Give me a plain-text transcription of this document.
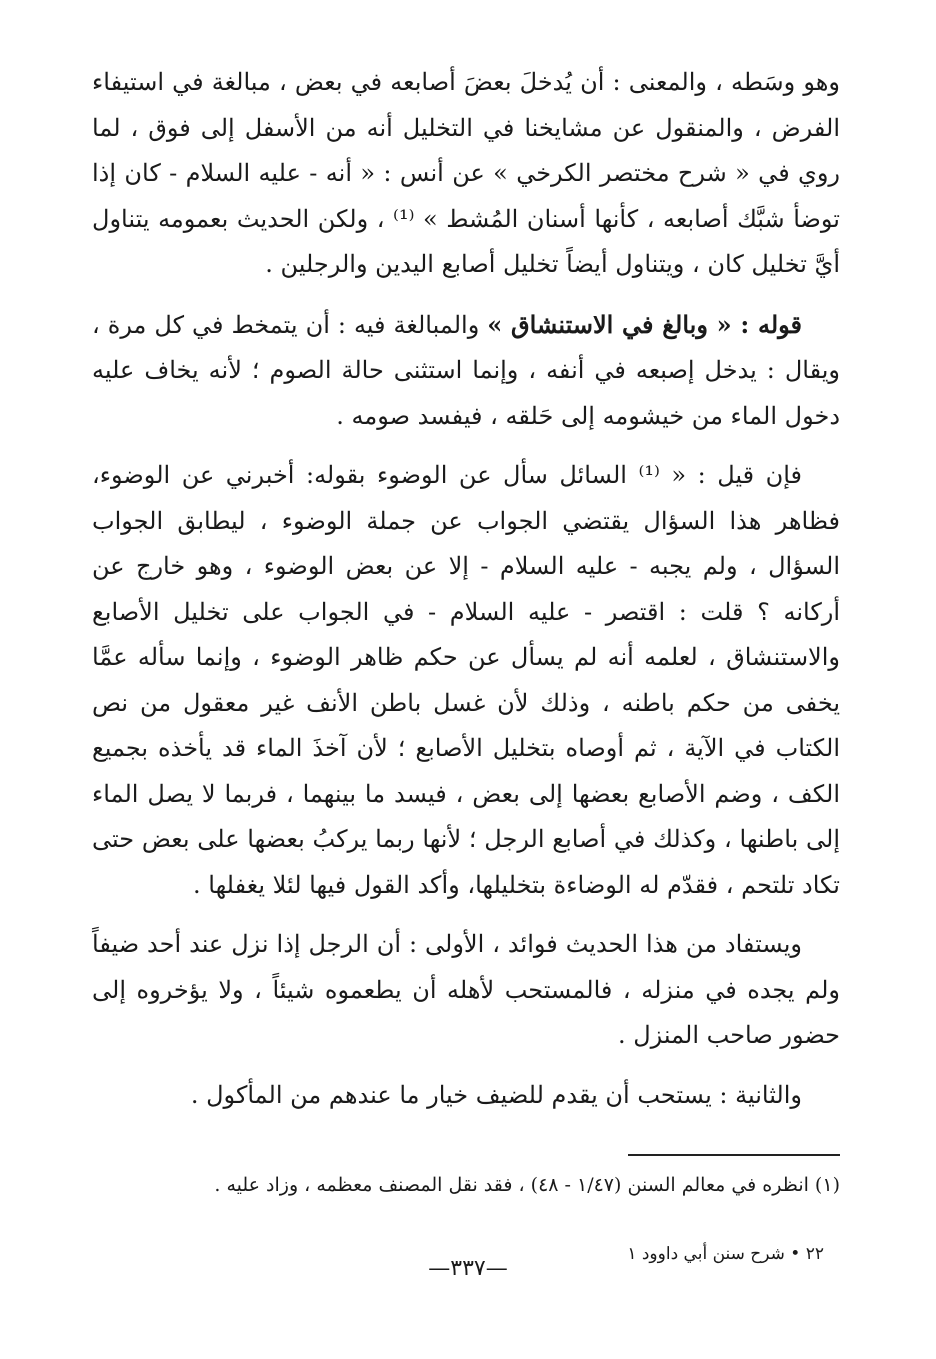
وهو وسَطه ، والمعنى : أن يُدخلَ بعضَ أصابعه في بعض ، مبالغة في استيفاء الفرض ، والمنقول عن مشايخنا في التخليل أنه من الأسفل إلى فوق ، لما روي في « شرح مختصر الكرخي » عن أنس : « أنه - عليه السلام - كان إذا توضأ شبَّك أصابعه ، كأنها أسنان المُشط » ⁽¹⁾ ، ولكن الحديث بعمومه يتناول أيَّ تخليل كان ، ويتناول أيضاً تخليل أصابع اليدين والرجلين .

قوله : « وبالغ في الاستنشاق » والمبالغة فيه : أن يتمخط في كل مرة ، ويقال : يدخل إصبعه في أنفه ، وإنما استثنى حالة الصوم ؛ لأنه يخاف عليه دخول الماء من خيشومه إلى حَلقه ، فيفسد صومه .

فإن قيل : « ⁽¹⁾ السائل سأل عن الوضوء بقوله: أخبرني عن الوضوء، فظاهر هذا السؤال يقتضي الجواب عن جملة الوضوء ، ليطابق الجواب السؤال ، ولم يجبه - عليه السلام - إلا عن بعض الوضوء ، وهو خارج عن أركانه ؟ قلت : اقتصر - عليه السلام - في الجواب على تخليل الأصابع والاستنشاق ، لعلمه أنه لم يسأل عن حكم ظاهر الوضوء ، وإنما سأله عمَّا يخفى من حكم باطنه ، وذلك لأن غسل باطن الأنف غير معقول من نص الكتاب في الآية ، ثم أوصاه بتخليل الأصابع ؛ لأن آخذَ الماء قد يأخذه بجميع الكف ، وضم الأصابع بعضها إلى بعض ، فيسد ما بينهما ، فربما لا يصل الماء إلى باطنها ، وكذلك في أصابع الرجل ؛ لأنها ربما يركبُ بعضها على بعض حتى تكاد تلتحم ، فقدّم له الوضاءة بتخليلها، وأكد القول فيها لئلا يغفلها .

ويستفاد من هذا الحديث فوائد ، الأولى : أن الرجل إذا نزل عند أحد ضيفاً ولم يجده في منزله ، فالمستحب لأهله أن يطعموه شيئاً ، ولا يؤخروه إلى حضور صاحب المنزل .

والثانية : يستحب أن يقدم للضيف خيار ما عندهم من المأكول .

(١) انظره في معالم السنن (١/٤٧ - ٤٨) ، فقد نقل المصنف معظمه ، وزاد عليه .
٢٢ • شرح سنن أبي داوود ١
—٣٣٧—
